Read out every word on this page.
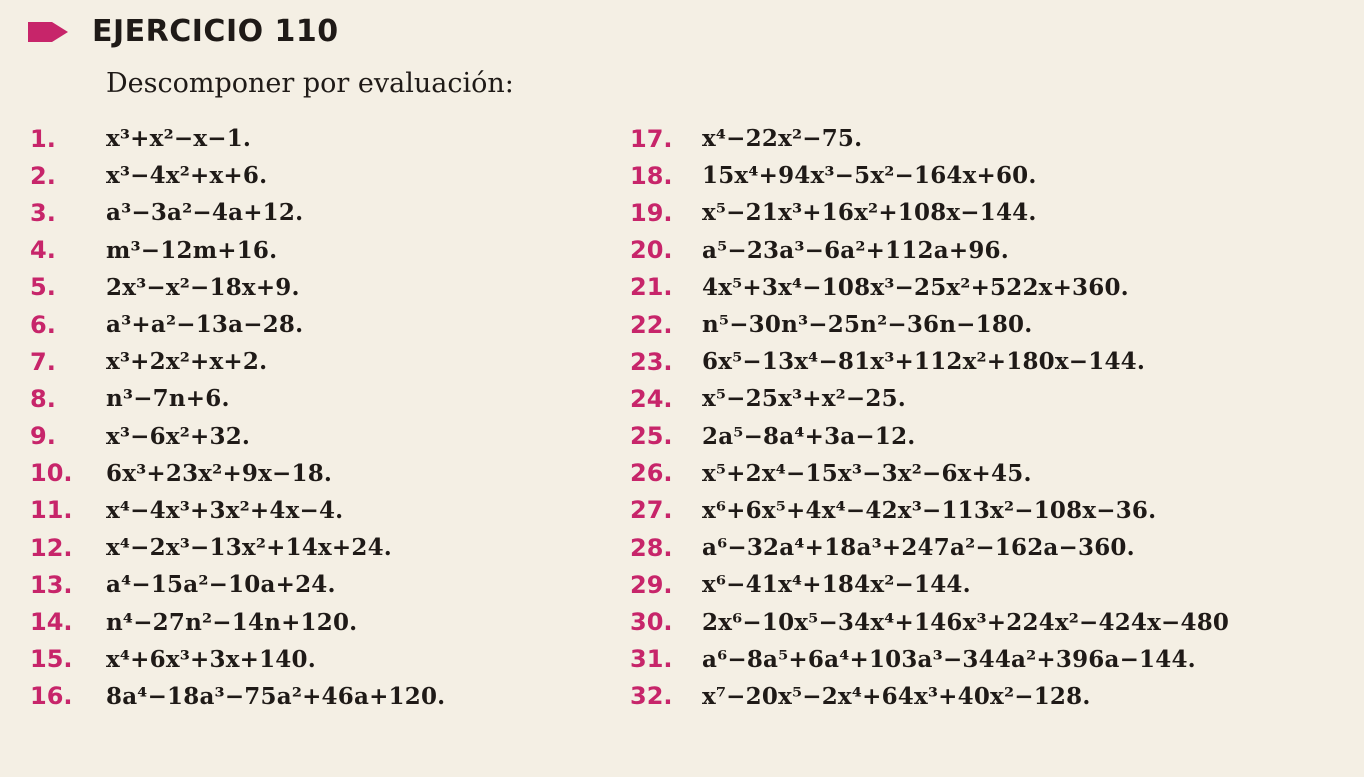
EJERCICIO 110
Descomponer por evaluación:
1.	x³+x²−x−1.
2.	x³−4x²+x+6.
3.	a³−3a²−4a+12.
4.	m³−12m+16.
5.	2x³−x²−18x+9.
6.	a³+a²−13a−28.
7.	x³+2x²+x+2.
8.	n³−7n+6.
9.	x³−6x²+32.
10.	6x³+23x²+9x−18.
11.	x⁴−4x³+3x²+4x−4.
12.	x⁴−2x³−13x²+14x+24.
13.	a⁴−15a²−10a+24.
14.	n⁴−27n²−14n+120.
15.	x⁴+6x³+3x+140.
16.	8a⁴−18a³−75a²+46a+120.
17.	x⁴−22x²−75.
18.	15x⁴+94x³−5x²−164x+60.
19.	x⁵−21x³+16x²+108x−144.
20.	a⁵−23a³−6a²+112a+96.
21.	4x⁵+3x⁴−108x³−25x²+522x+360.
22.	n⁵−30n³−25n²−36n−180.
23.	6x⁵−13x⁴−81x³+112x²+180x−144.
24.	x⁵−25x³+x²−25.
25.	2a⁵−8a⁴+3a−12.
26.	x⁵+2x⁴−15x³−3x²−6x+45.
27.	x⁶+6x⁵+4x⁴−42x³−113x²−108x−36.
28.	a⁶−32a⁴+18a³+247a²−162a−360.
29.	x⁶−41x⁴+184x²−144.
30.	2x⁶−10x⁵−34x⁴+146x³+224x²−424x−480
31.	a⁶−8a⁵+6a⁴+103a³−344a²+396a−144.
32.	x⁷−20x⁵−2x⁴+64x³+40x²−128.
